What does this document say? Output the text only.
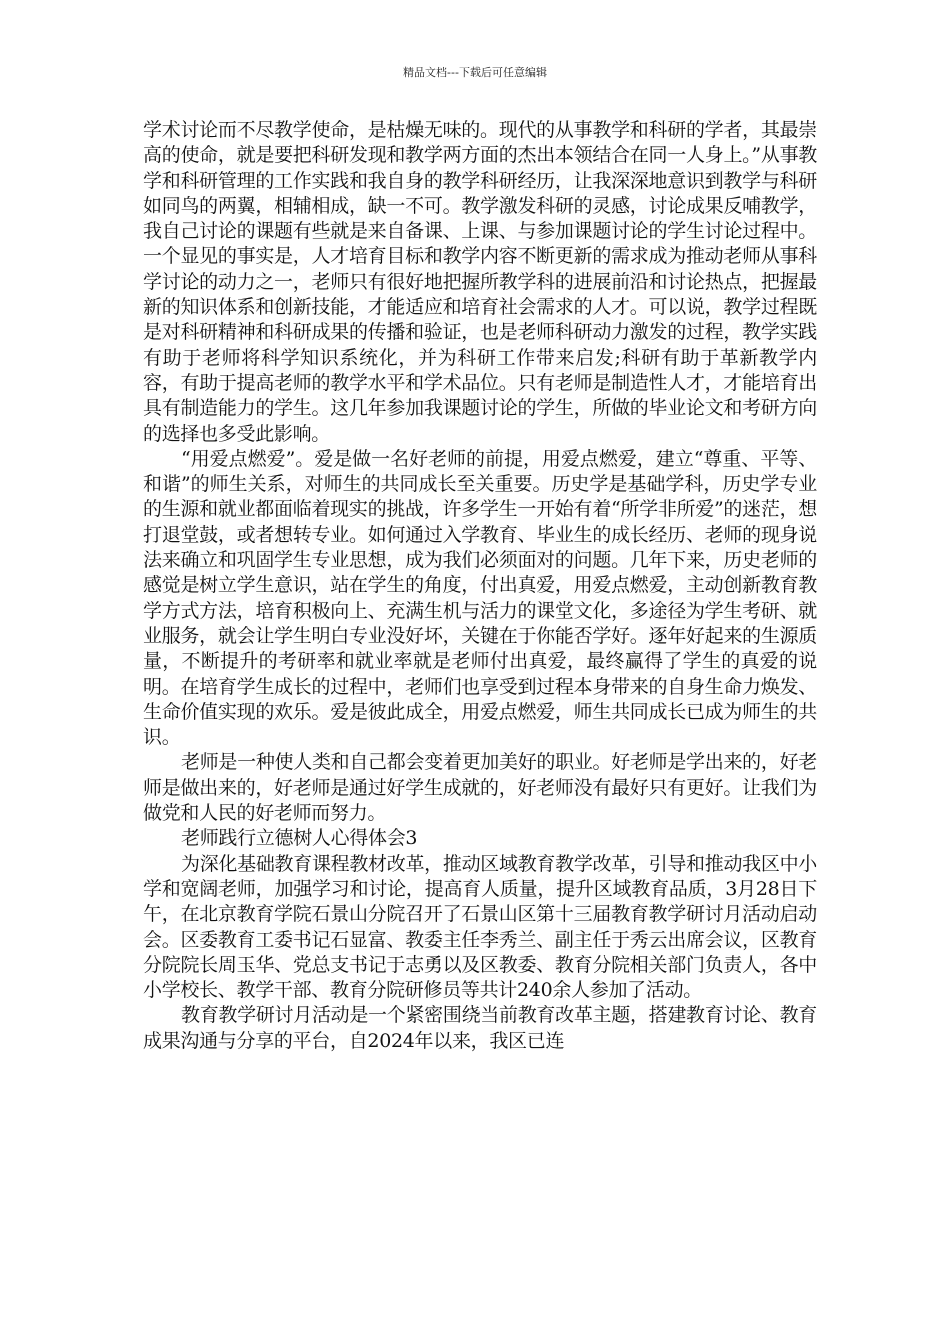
精品文档---下载后可任意编辑

学术讨论而不尽教学使命，是枯燥无味的。现代的从事教学和科研的学者，其最崇高的使命，就是要把科研发现和教学两方面的杰出本领结合在同一人身上。”从事教学和科研管理的工作实践和我自身的教学科研经历，让我深深地意识到教学与科研如同鸟的两翼，相辅相成，缺一不可。教学激发科研的灵感，讨论成果反哺教学，我自己讨论的课题有些就是来自备课、上课、与参加课题讨论的学生讨论过程中。一个显见的事实是，人才培育目标和教学内容不断更新的需求成为推动老师从事科学讨论的动力之一，老师只有很好地把握所教学科的进展前沿和讨论热点，把握最新的知识体系和创新技能，才能适应和培育社会需求的人才。可以说，教学过程既是对科研精神和科研成果的传播和验证，也是老师科研动力激发的过程，教学实践有助于老师将科学知识系统化，并为科研工作带来启发;科研有助于革新教学内容，有助于提高老师的教学水平和学术品位。只有老师是制造性人才，才能培育出具有制造能力的学生。这几年参加我课题讨论的学生，所做的毕业论文和考研方向的选择也多受此影响。

“用爱点燃爱”。爱是做一名好老师的前提，用爱点燃爱，建立“尊重、平等、和谐”的师生关系，对师生的共同成长至关重要。历史学是基础学科，历史学专业的生源和就业都面临着现实的挑战，许多学生一开始有着“所学非所爱”的迷茫，想打退堂鼓，或者想转专业。如何通过入学教育、毕业生的成长经历、老师的现身说法来确立和巩固学生专业思想，成为我们必须面对的问题。几年下来，历史老师的感觉是树立学生意识，站在学生的角度，付出真爱，用爱点燃爱，主动创新教育教学方式方法，培育积极向上、充满生机与活力的课堂文化，多途径为学生考研、就业服务，就会让学生明白专业没好坏，关键在于你能否学好。逐年好起来的生源质量，不断提升的考研率和就业率就是老师付出真爱，最终赢得了学生的真爱的说明。在培育学生成长的过程中，老师们也享受到过程本身带来的自身生命力焕发、生命价值实现的欢乐。爱是彼此成全，用爱点燃爱，师生共同成长已成为师生的共识。

老师是一种使人类和自己都会变着更加美好的职业。好老师是学出来的，好老师是做出来的，好老师是通过好学生成就的，好老师没有最好只有更好。让我们为做党和人民的好老师而努力。

老师践行立德树人心得体会3

为深化基础教育课程教材改革，推动区域教育教学改革，引导和推动我区中小学和宽阔老师，加强学习和讨论，提高育人质量，提升区域教育品质，3月28日下午，在北京教育学院石景山分院召开了石景山区第十三届教育教学研讨月活动启动会。区委教育工委书记石显富、教委主任李秀兰、副主任于秀云出席会议，区教育分院院长周玉华、党总支书记于志勇以及区教委、教育分院相关部门负责人，各中小学校长、教学干部、教育分院研修员等共计240余人参加了活动。

教育教学研讨月活动是一个紧密围绕当前教育改革主题，搭建教育讨论、教育成果沟通与分享的平台，自2024年以来，我区已连
